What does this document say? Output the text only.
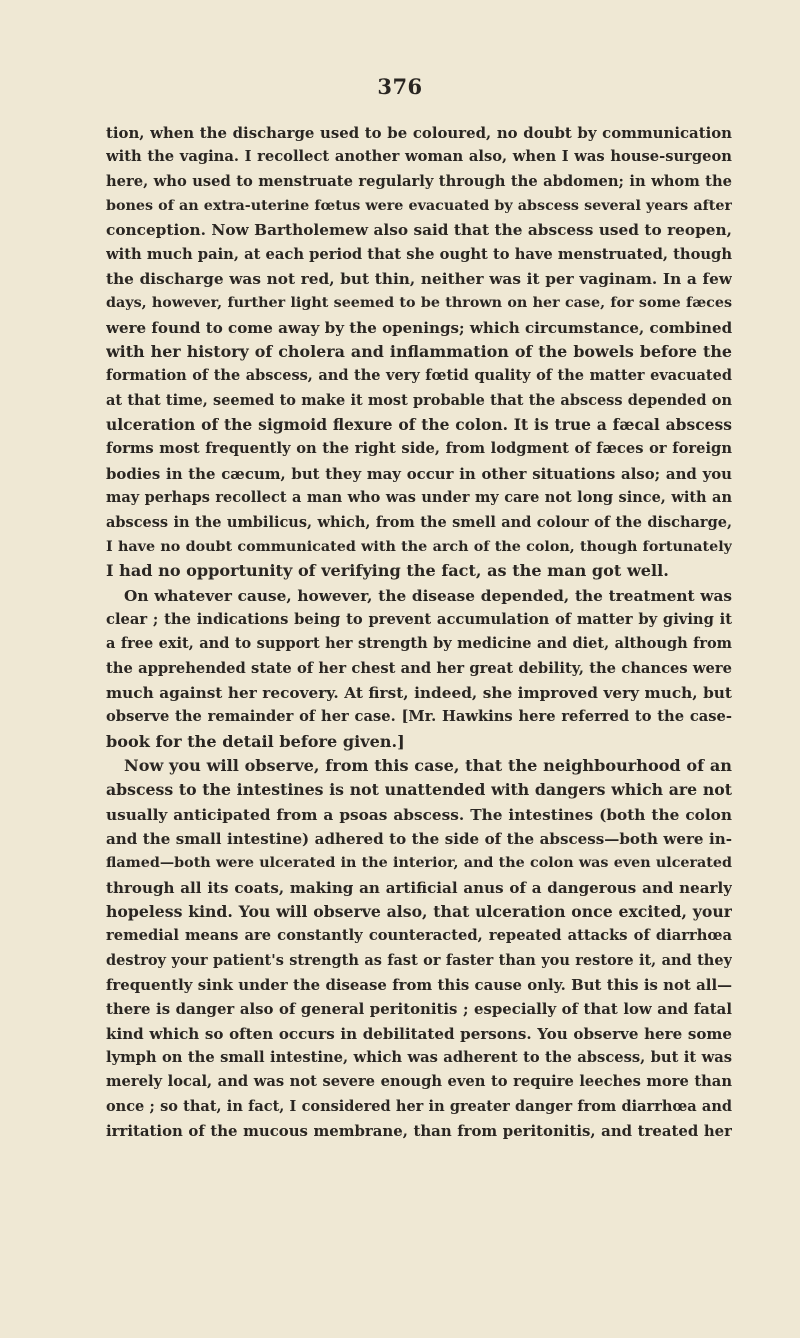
376
tion, when the discharge used to be coloured, no doubt by communication
with the vagina. I recollect another woman also, when I was house-surgeon
here, who used to menstruate regularly through the abdomen; in whom the
bones of an extra-uterine fœtus were evacuated by abscess several years after
conception. Now Bartholemew also said that the abscess used to reopen,
with much pain, at each period that she ought to have menstruated, though
the discharge was not red, but thin, neither was it per vaginam. In a few
days, however, further light seemed to be thrown on her case, for some fæces
were found to come away by the openings; which circumstance, combined
with her history of cholera and inflammation of the bowels before the
formation of the abscess, and the very fœtid quality of the matter evacuated
at that time, seemed to make it most probable that the abscess depended on
ulceration of the sigmoid flexure of the colon. It is true a fæcal abscess
forms most frequently on the right side, from lodgment of fæces or foreign
bodies in the cæcum, but they may occur in other situations also; and you
may perhaps recollect a man who was under my care not long since, with an
abscess in the umbilicus, which, from the smell and colour of the discharge,
I have no doubt communicated with the arch of the colon, though fortunately
I had no opportunity of verifying the fact, as the man got well.
On whatever cause, however, the disease depended, the treatment was
clear ; the indications being to prevent accumulation of matter by giving it
a free exit, and to support her strength by medicine and diet, although from
the apprehended state of her chest and her great debility, the chances were
much against her recovery. At first, indeed, she improved very much, but
observe the remainder of her case. [Mr. Hawkins here referred to the case-
book for the detail before given.]
Now you will observe, from this case, that the neighbourhood of an
abscess to the intestines is not unattended with dangers which are not
usually anticipated from a psoas abscess. The intestines (both the colon
and the small intestine) adhered to the side of the abscess—both were in-
flamed—both were ulcerated in the interior, and the colon was even ulcerated
through all its coats, making an artificial anus of a dangerous and nearly
hopeless kind. You will observe also, that ulceration once excited, your
remedial means are constantly counteracted, repeated attacks of diarrhœa
destroy your patient's strength as fast or faster than you restore it, and they
frequently sink under the disease from this cause only. But this is not all—
there is danger also of general peritonitis ; especially of that low and fatal
kind which so often occurs in debilitated persons. You observe here some
lymph on the small intestine, which was adherent to the abscess, but it was
merely local, and was not severe enough even to require leeches more than
once ; so that, in fact, I considered her in greater danger from diarrhœa and
irritation of the mucous membrane, than from peritonitis, and treated her
